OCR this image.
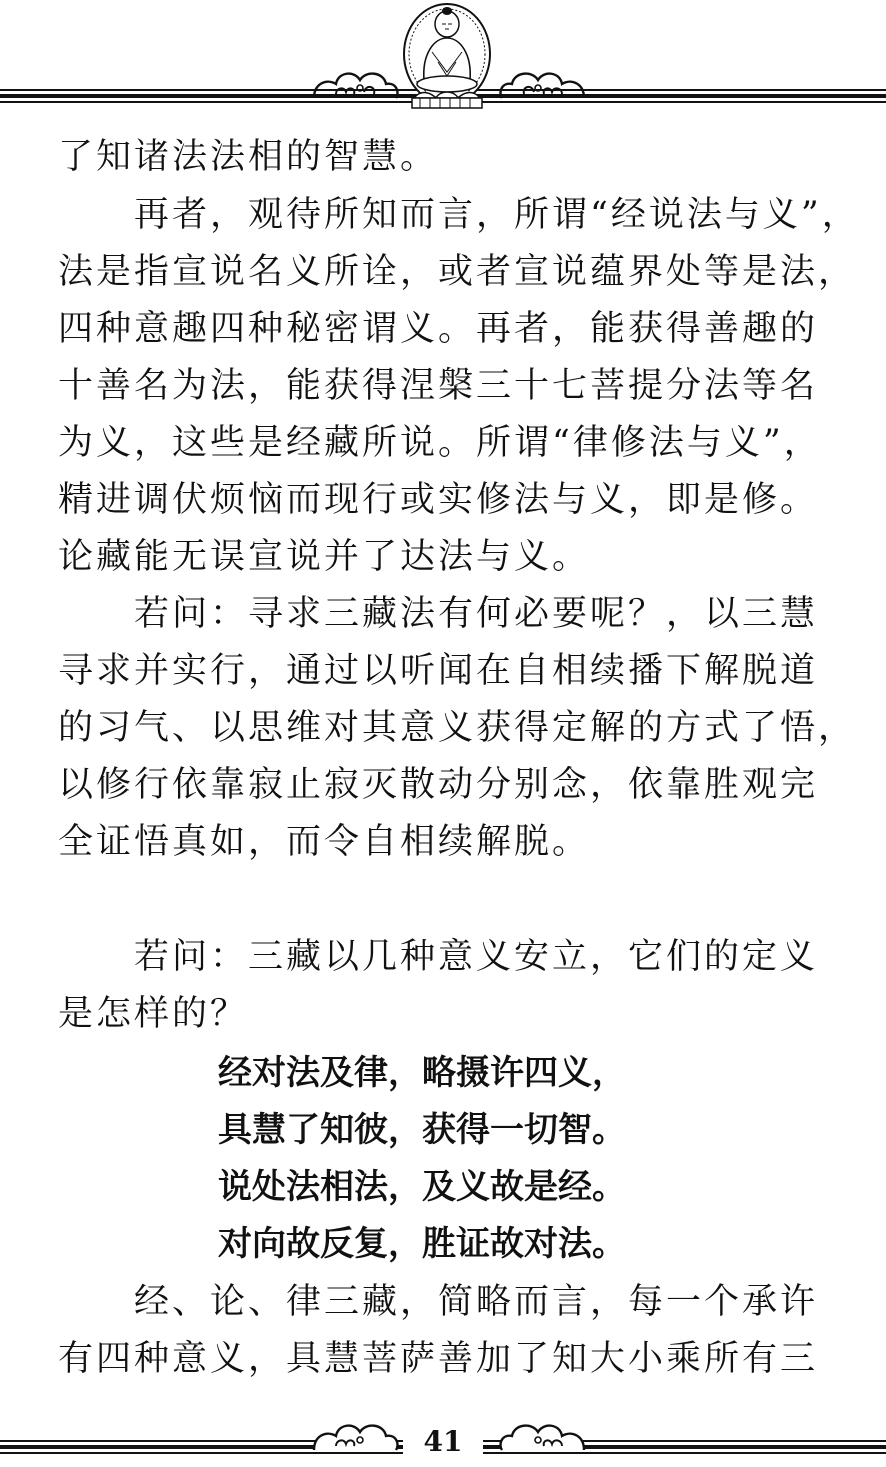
了知诸法法相的智慧。
再者，观待所知而言，所谓“经说法与义”，
法是指宣说名义所诠，或者宣说蕴界处等是法，
四种意趣四种秘密谓义。再者，能获得善趣的
十善名为法，能获得涅槃三十七菩提分法等名
为义，这些是经藏所说。所谓“律修法与义”，
精进调伏烦恼而现行或实修法与义，即是修。
论藏能无误宣说并了达法与义。
若问：寻求三藏法有何必要呢？，以三慧
寻求并实行，通过以听闻在自相续播下解脱道
的习气、以思维对其意义获得定解的方式了悟，
以修行依靠寂止寂灭散动分别念，依靠胜观完
全证悟真如，而令自相续解脱。
若问：三藏以几种意义安立，它们的定义
是怎样的？
经对法及律，略摄许四义，
具慧了知彼，获得一切智。
说处法相法，及义故是经。
对向故反复，胜证故对法。
经、论、律三藏，简略而言，每一个承许
有四种意义，具慧菩萨善加了知大小乘所有三
41
